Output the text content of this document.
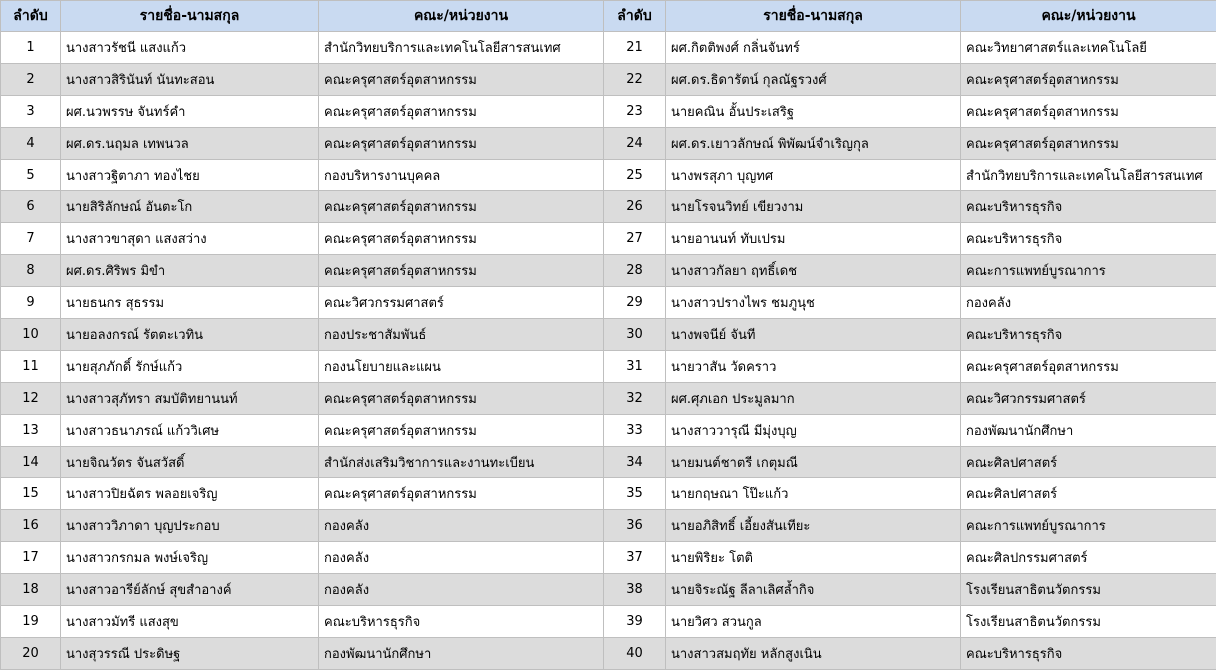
ลำดับ	รายชื่อ-นามสกุล	คณะ/หน่วยงาน	ลำดับ	รายชื่อ-นามสกุล	คณะ/หน่วยงาน
1	นางสาวรัชนี แสงแก้ว	สำนักวิทยบริการและเทคโนโลยีสารสนเทศ	21	ผศ.กิตติพงศ์ กลิ่นจันทร์	คณะวิทยาศาสตร์และเทคโนโลยี
2	นางสาวสิรินันท์ นันทะสอน	คณะครุศาสตร์อุตสาหกรรม	22	ผศ.ดร.ธิดารัตน์ กุลณัฐรวงศ์	คณะครุศาสตร์อุตสาหกรรม
3	ผศ.นวพรรษ จันทร์คำ	คณะครุศาสตร์อุตสาหกรรม	23	นายคณิน อั้นประเสริฐ	คณะครุศาสตร์อุตสาหกรรม
4	ผศ.ดร.นฤมล เทพนวล	คณะครุศาสตร์อุตสาหกรรม	24	ผศ.ดร.เยาวลักษณ์ พิพัฒน์จำเริญกุล	คณะครุศาสตร์อุตสาหกรรม
5	นางสาวฐิตาภา ทองไชย	กองบริหารงานบุคคล	25	นางพรสุภา บุญทศ	สำนักวิทยบริการและเทคโนโลยีสารสนเทศ
6	นายสิริลักษณ์ อันตะโก	คณะครุศาสตร์อุตสาหกรรม	26	นายโรจนวิทย์ เขียวงาม	คณะบริหารธุรกิจ
7	นางสาวขาสุดา แสงสว่าง	คณะครุศาสตร์อุตสาหกรรม	27	นายอานนท์ ทับเปรม	คณะบริหารธุรกิจ
8	ผศ.ดร.ศิริพร มิขำ	คณะครุศาสตร์อุตสาหกรรม	28	นางสาวกัลยา ฤทธิ์เดช	คณะการแพทย์บูรณาการ
9	นายธนกร สุธรรม	คณะวิศวกรรมศาสตร์	29	นางสาวปรางไพร ชมภูนุช	กองคลัง
10	นายอลงกรณ์ รัตตะเวทิน	กองประชาสัมพันธ์	30	นางพจนีย์ จันที	คณะบริหารธุรกิจ
11	นายสุภภักดิ์ รักษ์แก้ว	กองนโยบายและแผน	31	นายวาสัน วัดคราว	คณะครุศาสตร์อุตสาหกรรม
12	นางสาวสุภัทรา สมบัติทยานนท์	คณะครุศาสตร์อุตสาหกรรม	32	ผศ.ศุภเอก ประมูลมาก	คณะวิศวกรรมศาสตร์
13	นางสาวธนาภรณ์ แก้ววิเศษ	คณะครุศาสตร์อุตสาหกรรม	33	นางสาววารุณี มีมุ่งบุญ	กองพัฒนานักศึกษา
14	นายจิณวัตร จันสวัสดิ์	สำนักส่งเสริมวิชาการและงานทะเบียน	34	นายมนต์ชาตรี เกตุมณี	คณะศิลปศาสตร์
15	นางสาวปิยฉัตร พลอยเจริญ	คณะครุศาสตร์อุตสาหกรรม	35	นายกฤษณา โป๊ะแก้ว	คณะศิลปศาสตร์
16	นางสาววิภาดา บุญประกอบ	กองคลัง	36	นายอภิสิทธิ์ เอี้ยงสันเทียะ	คณะการแพทย์บูรณาการ
17	นางสาวกรกมล พงษ์เจริญ	กองคลัง	37	นายพิริยะ โตติ	คณะศิลปกรรมศาสตร์
18	นางสาวอารีย์ลักษ์ สุขสำอางค์	กองคลัง	38	นายจิระณัฐ ลีลาเลิศล้ำกิจ	โรงเรียนสาธิตนวัตกรรม
19	นางสาวมัทรี แสงสุข	คณะบริหารธุรกิจ	39	นายวิศว สวนกูล	โรงเรียนสาธิตนวัตกรรม
20	นางสุวรรณี ประดิษฐ	กองพัฒนานักศึกษา	40	นางสาวสมฤทัย หลักสูงเนิน	คณะบริหารธุรกิจ
